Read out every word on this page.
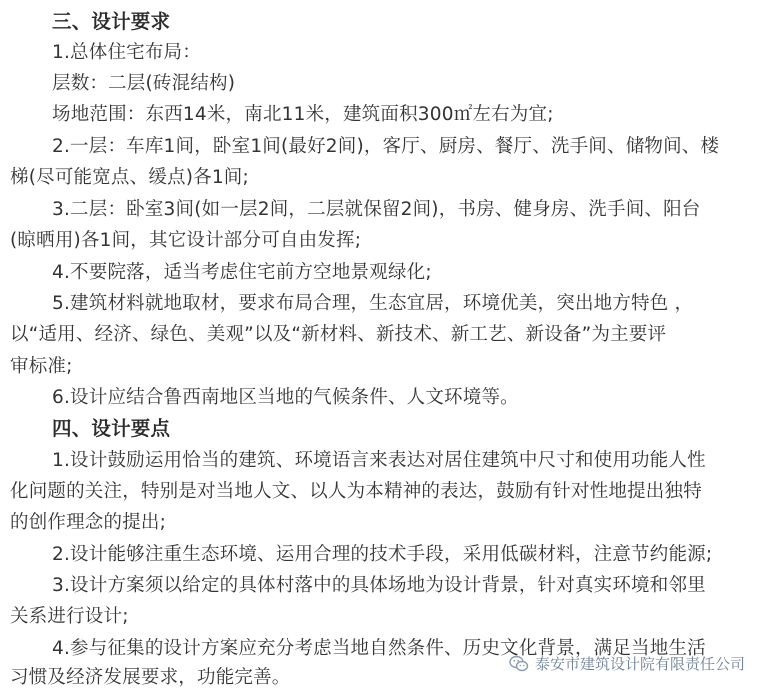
三、设计要求
1.总体住宅布局：
层数：二层(砖混结构)
场地范围：东西14米，南北11米，建筑面积300㎡左右为宜;
2.一层：车库1间，卧室1间(最好2间)，客厅、厨房、餐厅、洗手间、储物间、楼
梯(尽可能宽点、缓点)各1间;
3.二层：卧室3间(如一层2间，二层就保留2间)，书房、健身房、洗手间、阳台
(晾晒用)各1间，其它设计部分可自由发挥;
4.不要院落，适当考虑住宅前方空地景观绿化;
5.建筑材料就地取材，要求布局合理，生态宜居，环境优美，突出地方特色 ，
以“适用、经济、绿色、美观”以及“新材料、新技术、新工艺、新设备”为主要评
审标准;
6.设计应结合鲁西南地区当地的气候条件、人文环境等。
四、设计要点
1.设计鼓励运用恰当的建筑、环境语言来表达对居住建筑中尺寸和使用功能人性
化问题的关注，特别是对当地人文、以人为本精神的表达，鼓励有针对性地提出独特
的创作理念的提出;
2.设计能够注重生态环境、运用合理的技术手段，采用低碳材料，注意节约能源;
3.设计方案须以给定的具体村落中的具体场地为设计背景，针对真实环境和邻里
关系进行设计;
4.参与征集的设计方案应充分考虑当地自然条件、历史文化背景，满足当地生活
习惯及经济发展要求，功能完善。
泰安市建筑设计院有限责任公司
